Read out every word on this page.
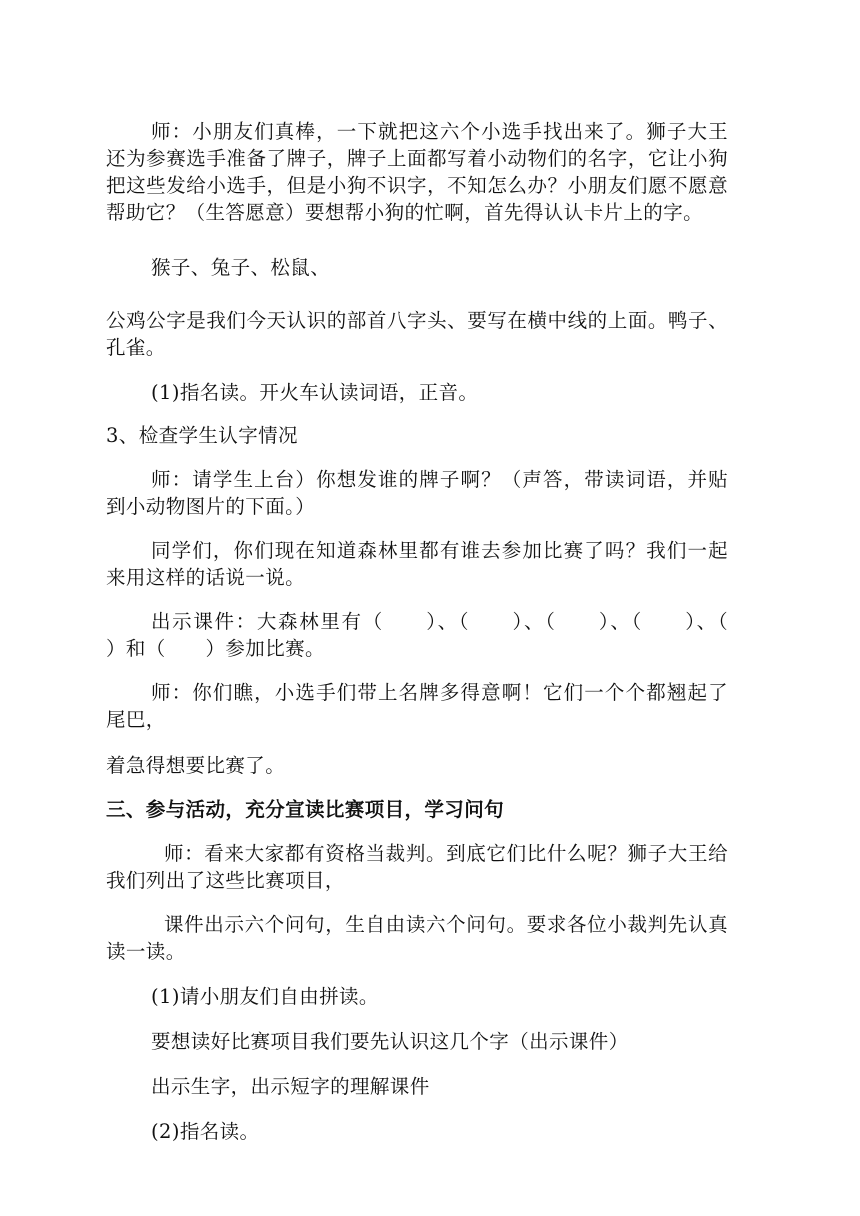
师：小朋友们真棒，一下就把这六个小选手找出来了。狮子大王还为参赛选手准备了牌子，牌子上面都写着小动物们的名字，它让小狗把这些发给小选手，但是小狗不识字，不知怎么办？小朋友们愿不愿意帮助它？（生答愿意）要想帮小狗的忙啊，首先得认认卡片上的字。

猴子、兔子、松鼠、

公鸡公字是我们今天认识的部首八字头、要写在横中线的上面。鸭子、孔雀。

(1)指名读。开火车认读词语，正音。

3、检查学生认字情况

师：请学生上台）你想发谁的牌子啊？（声答，带读词语，并贴到小动物图片的下面。）

同学们，你们现在知道森林里都有谁去参加比赛了吗？我们一起来用这样的话说一说。

出示课件：大森林里有（　　）、（　　）、（　　）、（　　）、（　　）和（　　）参加比赛。

师：你们瞧，小选手们带上名牌多得意啊！它们一个个都翘起了尾巴，

着急得想要比赛了。

三、参与活动，充分宣读比赛项目，学习问句

师：看来大家都有资格当裁判。到底它们比什么呢？狮子大王给我们列出了这些比赛项目，

课件出示六个问句，生自由读六个问句。要求各位小裁判先认真读一读。

(1)请小朋友们自由拼读。

要想读好比赛项目我们要先认识这几个字（出示课件）

出示生字，出示短字的理解课件

(2)指名读。
